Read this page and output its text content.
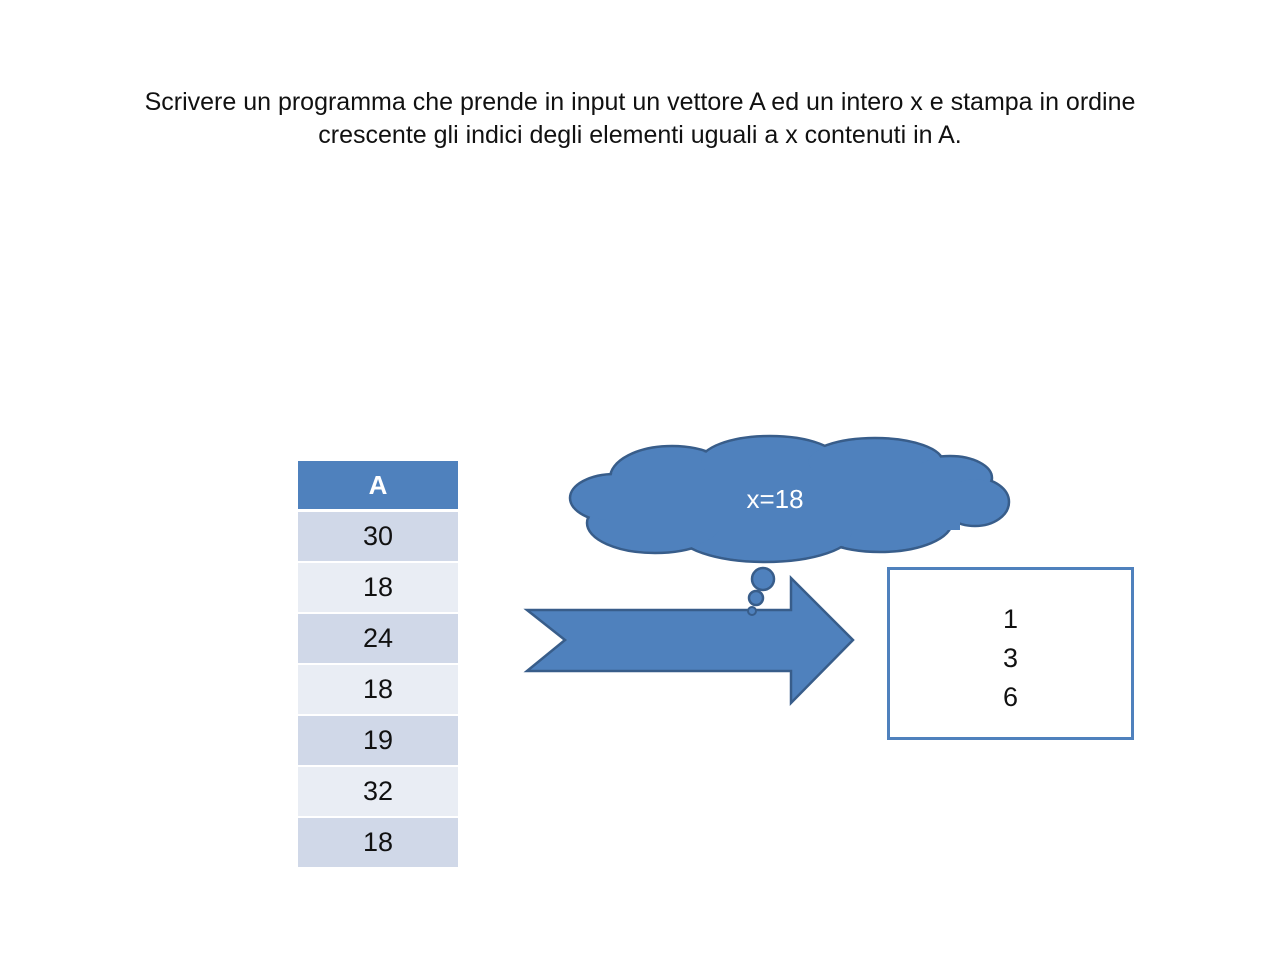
Scrivere un programma che prende in input un vettore A ed un intero x e stampa in ordine
crescente gli indici degli elementi uguali a x contenuti in A.
A
30
18
24
18
19
32
18
x=18
1
3
6
